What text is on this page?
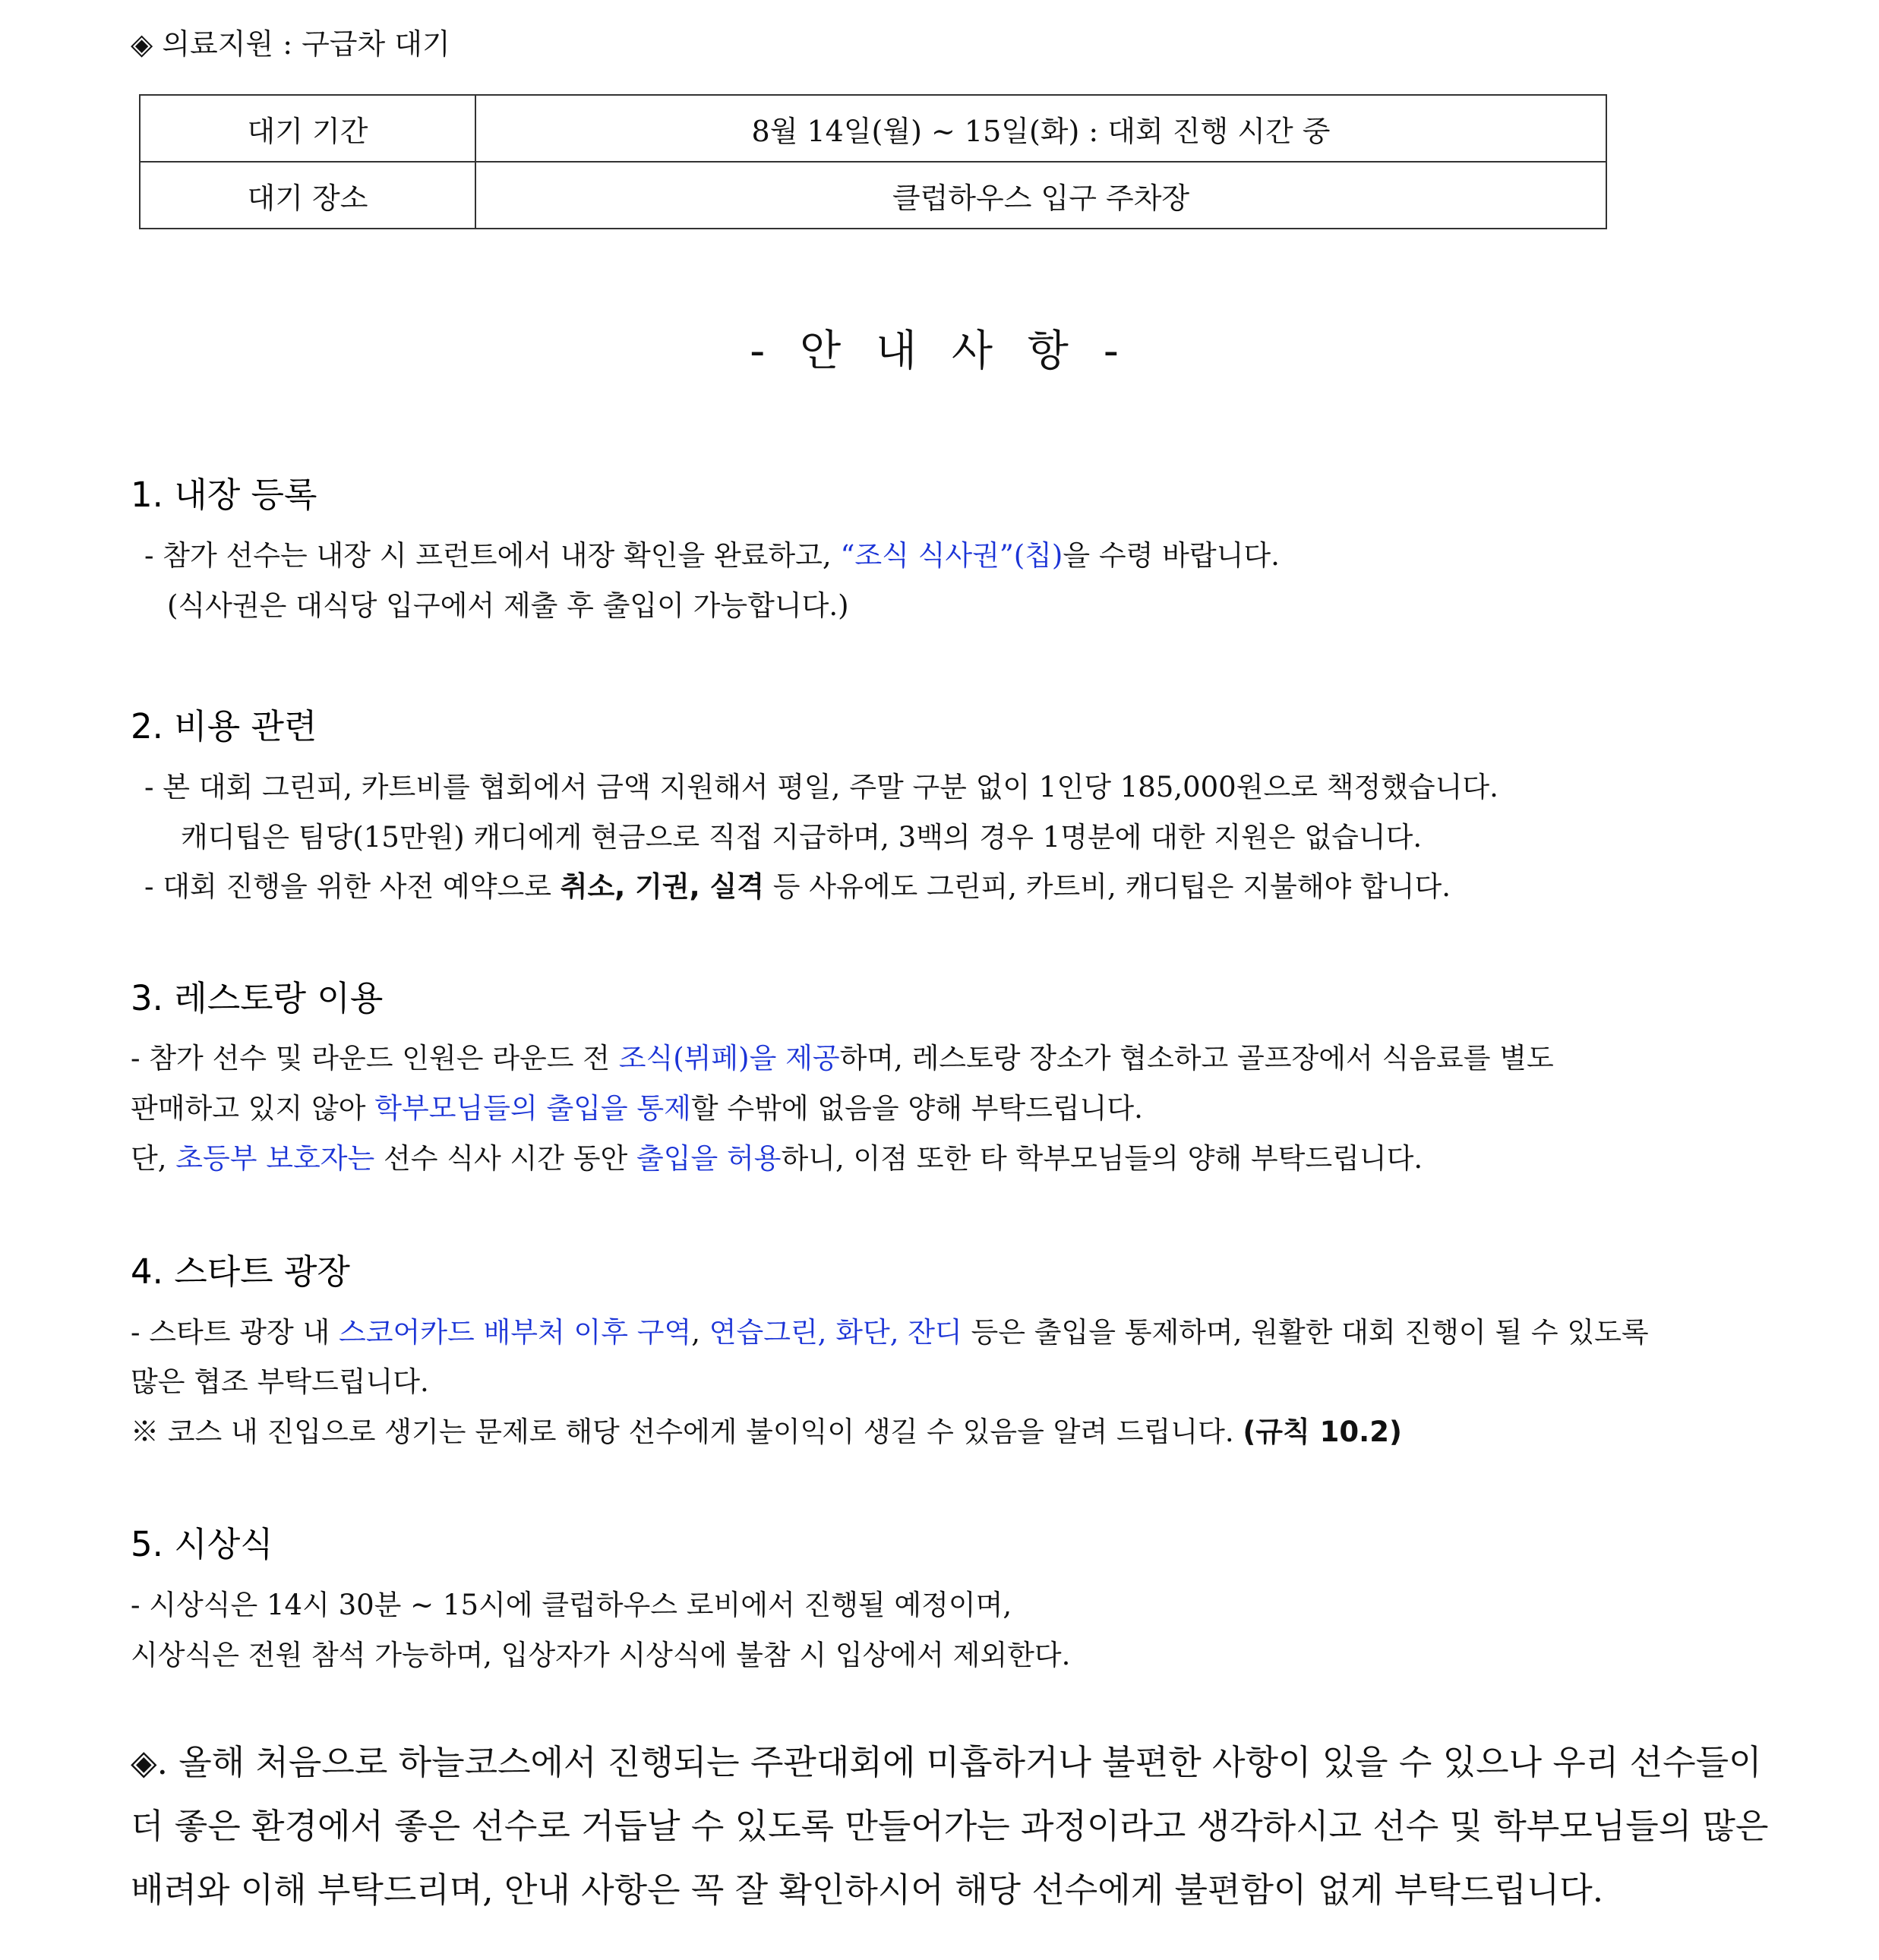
◈ 의료지원 : 구급차 대기
대기 기간	8월 14일(월) ~ 15일(화) : 대회 진행 시간 중
대기 장소	클럽하우스 입구 주차장
- 안 내 사 항 -
1. 내장 등록
- 참가 선수는 내장 시 프런트에서 내장 확인을 완료하고, “조식 식사권”(칩)을 수령 바랍니다.
(식사권은 대식당 입구에서 제출 후 출입이 가능합니다.)
2. 비용 관련
- 본 대회 그린피, 카트비를 협회에서 금액 지원해서 평일, 주말 구분 없이 1인당 185,000원으로 책정했습니다.
캐디팁은 팀당(15만원) 캐디에게 현금으로 직접 지급하며, 3백의 경우 1명분에 대한 지원은 없습니다.
- 대회 진행을 위한 사전 예약으로 취소, 기권, 실격 등 사유에도 그린피, 카트비, 캐디팁은 지불해야 합니다.
3. 레스토랑 이용
- 참가 선수 및 라운드 인원은 라운드 전 조식(뷔페)을 제공하며, 레스토랑 장소가 협소하고 골프장에서 식음료를 별도
판매하고 있지 않아 학부모님들의 출입을 통제할 수밖에 없음을 양해 부탁드립니다.
단, 초등부 보호자는 선수 식사 시간 동안 출입을 허용하니, 이점 또한 타 학부모님들의 양해 부탁드립니다.
4. 스타트 광장
- 스타트 광장 내 스코어카드 배부처 이후 구역, 연습그린, 화단, 잔디 등은 출입을 통제하며, 원활한 대회 진행이 될 수 있도록
많은 협조 부탁드립니다.
※ 코스 내 진입으로 생기는 문제로 해당 선수에게 불이익이 생길 수 있음을 알려 드립니다. (규칙 10.2)
5. 시상식
- 시상식은 14시 30분 ~ 15시에 클럽하우스 로비에서 진행될 예정이며,
시상식은 전원 참석 가능하며, 입상자가 시상식에 불참 시 입상에서 제외한다.
◈. 올해 처음으로 하늘코스에서 진행되는 주관대회에 미흡하거나 불편한 사항이 있을 수 있으나 우리 선수들이
더 좋은 환경에서 좋은 선수로 거듭날 수 있도록 만들어가는 과정이라고 생각하시고 선수 및 학부모님들의 많은
배려와 이해 부탁드리며, 안내 사항은 꼭 잘 확인하시어 해당 선수에게 불편함이 없게 부탁드립니다.
